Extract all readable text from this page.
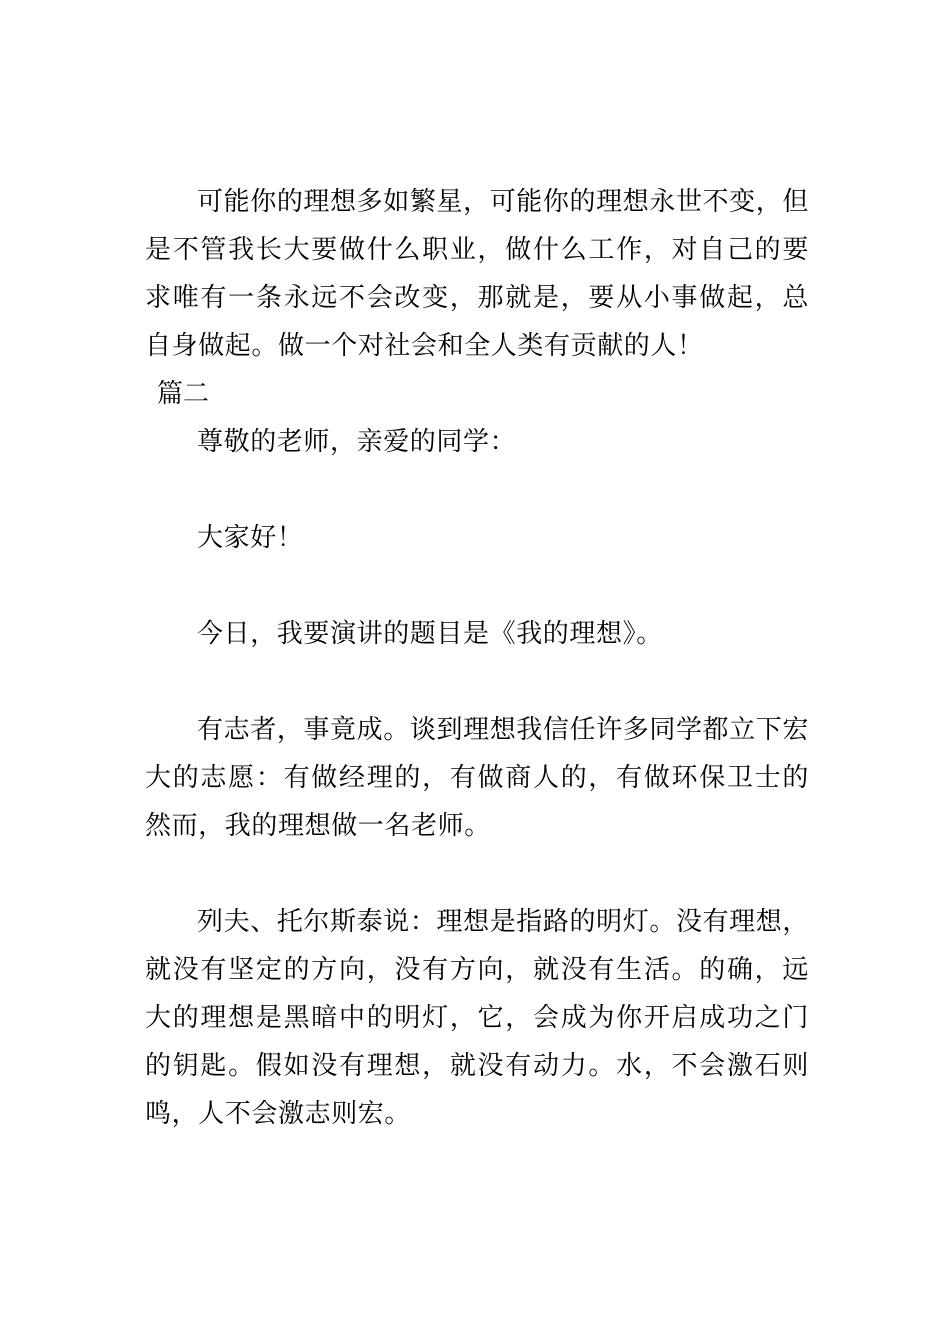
可能你的理想多如繁星，可能你的理想永世不变，但是不管我长大要做什么职业，做什么工作，对自己的要求唯有一条永远不会改变，那就是，要从小事做起，总自身做起。做一个对社会和全人类有贡献的人！

篇二

尊敬的老师，亲爱的同学：

大家好！

今日，我要演讲的题目是《我的理想》。

有志者，事竟成。谈到理想我信任许多同学都立下宏大的志愿：有做经理的，有做商人的，有做环保卫士的然而，我的理想做一名老师。

列夫、托尔斯泰说：理想是指路的明灯。没有理想，就没有坚定的方向，没有方向，就没有生活。的确，远大的理想是黑暗中的明灯，它，会成为你开启成功之门的钥匙。假如没有理想，就没有动力。水，不会激石则鸣，人不会激志则宏。
